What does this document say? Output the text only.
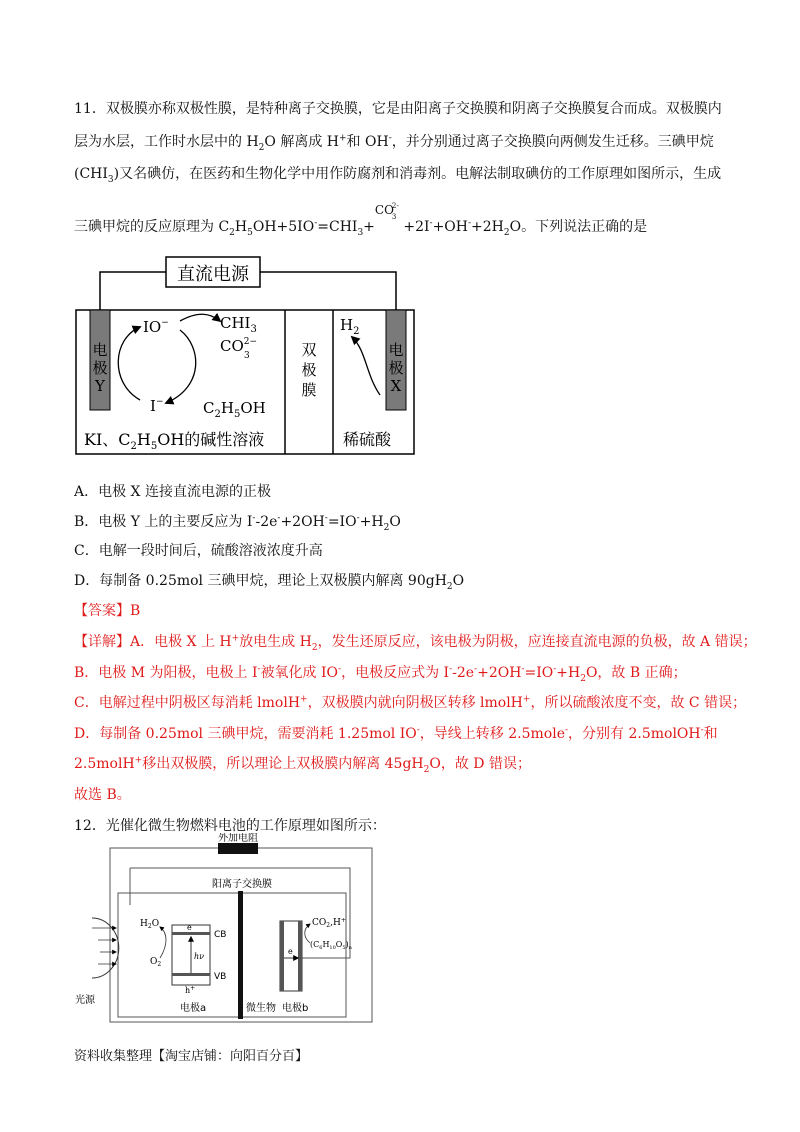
11．双极膜亦称双极性膜，是特种离子交换膜，它是由阳离子交换膜和阴离子交换膜复合而成。双极膜内
层为水层，工作时水层中的 $H_2O$ 解离成 H+和 OH-，并分别通过离子交换膜向两侧发生迁移。三碘甲烷
$(CHI_3)$又名碘仿，在医药和生物化学中用作防腐剂和消毒剂。电解法制取碘仿的工作原理如图所示，生成
三碘甲烷的反应原理为 $C_2H_5OH+5IO^-=CHI_3+$
CO
2-
3
$+2I^-+OH^-+2H_2O$。下列说法正确的是
直流电源
电
极
Y
电
极
X
IO−	$CHI_3$
$CO^{2-}$
3
I−	$C_2H_5OH$
双
极
膜
$H_2$
KI、$C_2H_5OH$的碱性溶液	稀硫酸
A．电极 X 连接直流电源的正极
B．电极 Y 上的主要反应为 $I^--2e^-+2OH^-=IO^-+H_2O$
C．电解一段时间后，硫酸溶液浓度升高
D．每制备 0.25mol 三碘甲烷，理论上双极膜内解离 $90gH_2O$
【答案】B
【详解】A．电极 X 上 H+放电生成 $H_2$，发生还原反应，该电极为阴极，应连接直流电源的负极，故 A 错误；
B．电极 M 为阳极，电极上 I-被氧化成 IO-，电极反应式为 $I^--2e^-+2OH^-=IO^-+H_2O$，故 B 正确；
C．电解过程中阴极区每消耗 lmolH+，双极膜内就向阴极区转移 lmolH+，所以硫酸浓度不变，故 C 错误；
D．每制备 0.25mol 三碘甲烷，需要消耗 1.25mol IO-，导线上转移 2.5mole-，分别有 2.5molOH-和
2.5molH+移出双极膜，所以理论上双极膜内解离 $45gH_2O$，故 D 错误；
故选 B。
12．光催化微生物燃料电池的工作原理如图所示：
外加电阻
阳离子交换膜
$H_2O$
$O_2$
e
CB
hν
VB
h+
电极a
光源
e
$CO_2,H^+$
$(C_6H_{10}O_5)_n$
微生物 电极b
资料收集整理【淘宝店铺：向阳百分百】
